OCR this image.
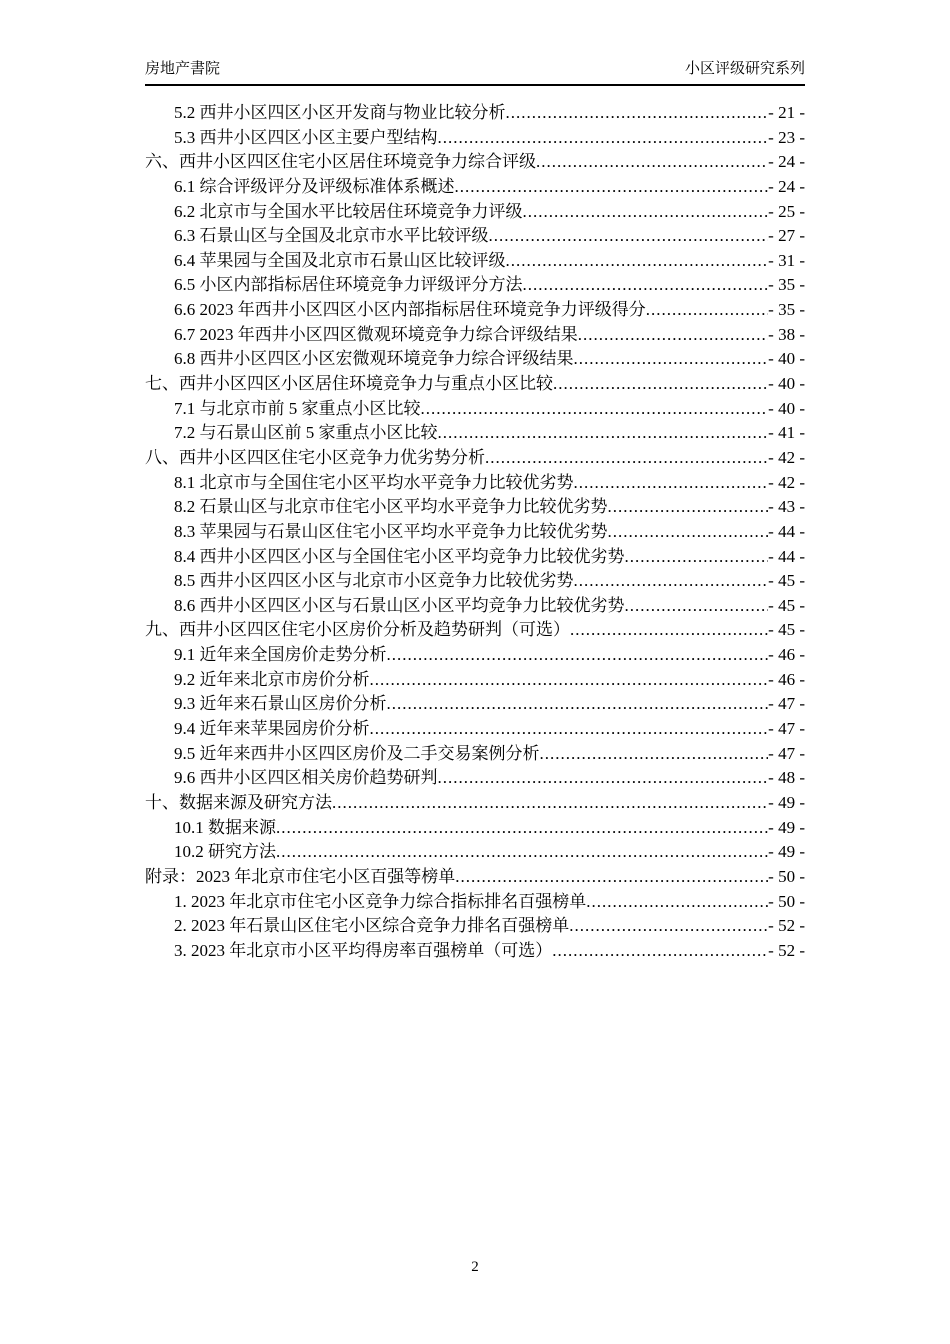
房地产書院	小区评级研究系列
5.2 西井小区四区小区开发商与物业比较分析 .....	- 21 -
5.3 西井小区四区小区主要户型结构 .....	- 23 -
六、西井小区四区住宅小区居住环境竞争力综合评级 .....	- 24 -
6.1 综合评级评分及评级标准体系概述 .....	- 24 -
6.2 北京市与全国水平比较居住环境竞争力评级 .....	- 25 -
6.3 石景山区与全国及北京市水平比较评级 .....	- 27 -
6.4 苹果园与全国及北京市石景山区比较评级 .....	- 31 -
6.5 小区内部指标居住环境竞争力评级评分方法 .....	- 35 -
6.6 2023 年西井小区四区小区内部指标居住环境竞争力评级得分 .....	- 35 -
6.7 2023 年西井小区四区微观环境竞争力综合评级结果 .....	- 38 -
6.8 西井小区四区小区宏微观环境竞争力综合评级结果 .....	- 40 -
七、西井小区四区小区居住环境竞争力与重点小区比较 .....	- 40 -
7.1 与北京市前 5 家重点小区比较 .....	- 40 -
7.2 与石景山区前 5 家重点小区比较 .....	- 41 -
八、西井小区四区住宅小区竞争力优劣势分析 .....	- 42 -
8.1 北京市与全国住宅小区平均水平竞争力比较优劣势 .....	- 42 -
8.2 石景山区与北京市住宅小区平均水平竞争力比较优劣势 .....	- 43 -
8.3 苹果园与石景山区住宅小区平均水平竞争力比较优劣势 .....	- 44 -
8.4 西井小区四区小区与全国住宅小区平均竞争力比较优劣势 .....	- 44 -
8.5 西井小区四区小区与北京市小区竞争力比较优劣势 .....	- 45 -
8.6 西井小区四区小区与石景山区小区平均竞争力比较优劣势 .....	- 45 -
九、西井小区四区住宅小区房价分析及趋势研判（可选） .....	- 45 -
9.1 近年来全国房价走势分析 .....	- 46 -
9.2 近年来北京市房价分析 .....	- 46 -
9.3 近年来石景山区房价分析 .....	- 47 -
9.4 近年来苹果园房价分析 .....	- 47 -
9.5 近年来西井小区四区房价及二手交易案例分析 .....	- 47 -
9.6 西井小区四区相关房价趋势研判 .....	- 48 -
十、数据来源及研究方法 .....	- 49 -
10.1 数据来源 .....	- 49 -
10.2 研究方法 .....	- 49 -
附录：2023 年北京市住宅小区百强等榜单 .....	- 50 -
1. 2023 年北京市住宅小区竞争力综合指标排名百强榜单 .....	- 50 -
2. 2023 年石景山区住宅小区综合竞争力排名百强榜单 .....	- 52 -
3. 2023 年北京市小区平均得房率百强榜单（可选） .....	- 52 -
2
